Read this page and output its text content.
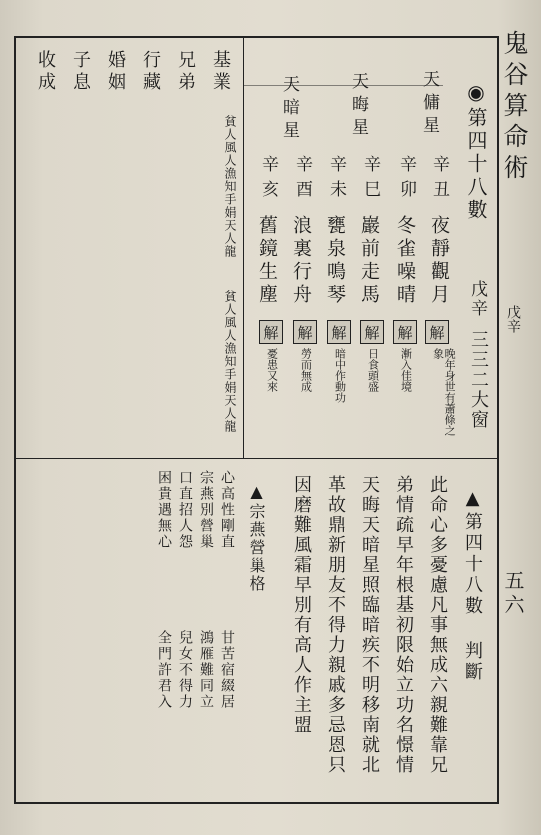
鬼谷算命術
戊辛
五六
◉第四十八數
戊辛
三三二大窗
天傭星
辛丑
夜靜觀月
解
晚年身世有蕭條之象
辛卯
冬雀噪晴
解
漸入佳境
天晦星
辛巳
巖前走馬
解
日食頭盛
辛未
甕泉鳴琴
解
暗中作動功
天暗星
辛酉
浪裏行舟
解
勞而無成
辛亥
舊鏡生塵
解
憂患又來
基業
兄弟
行藏
婚姻
子息
收成
貧人風人漁知手娟天人龍
貧人風人漁知手娟天人龍
▲第四十八數 判斷
此命心多憂慮凡事無成六親難靠兄
弟情疏早年根基初限始立功名憬情
天晦天暗星照臨暗疾不明移南就北
革故鼎新朋友不得力親戚多忌恩只
因磨難風霜早別有高人作主盟
▲宗燕營巢格
心高性剛直
宗燕別營巢
口直招人怨
困貴遇無心
甘苦宿綴居
鴻雁難同立
兒女不得力
全門許君入
